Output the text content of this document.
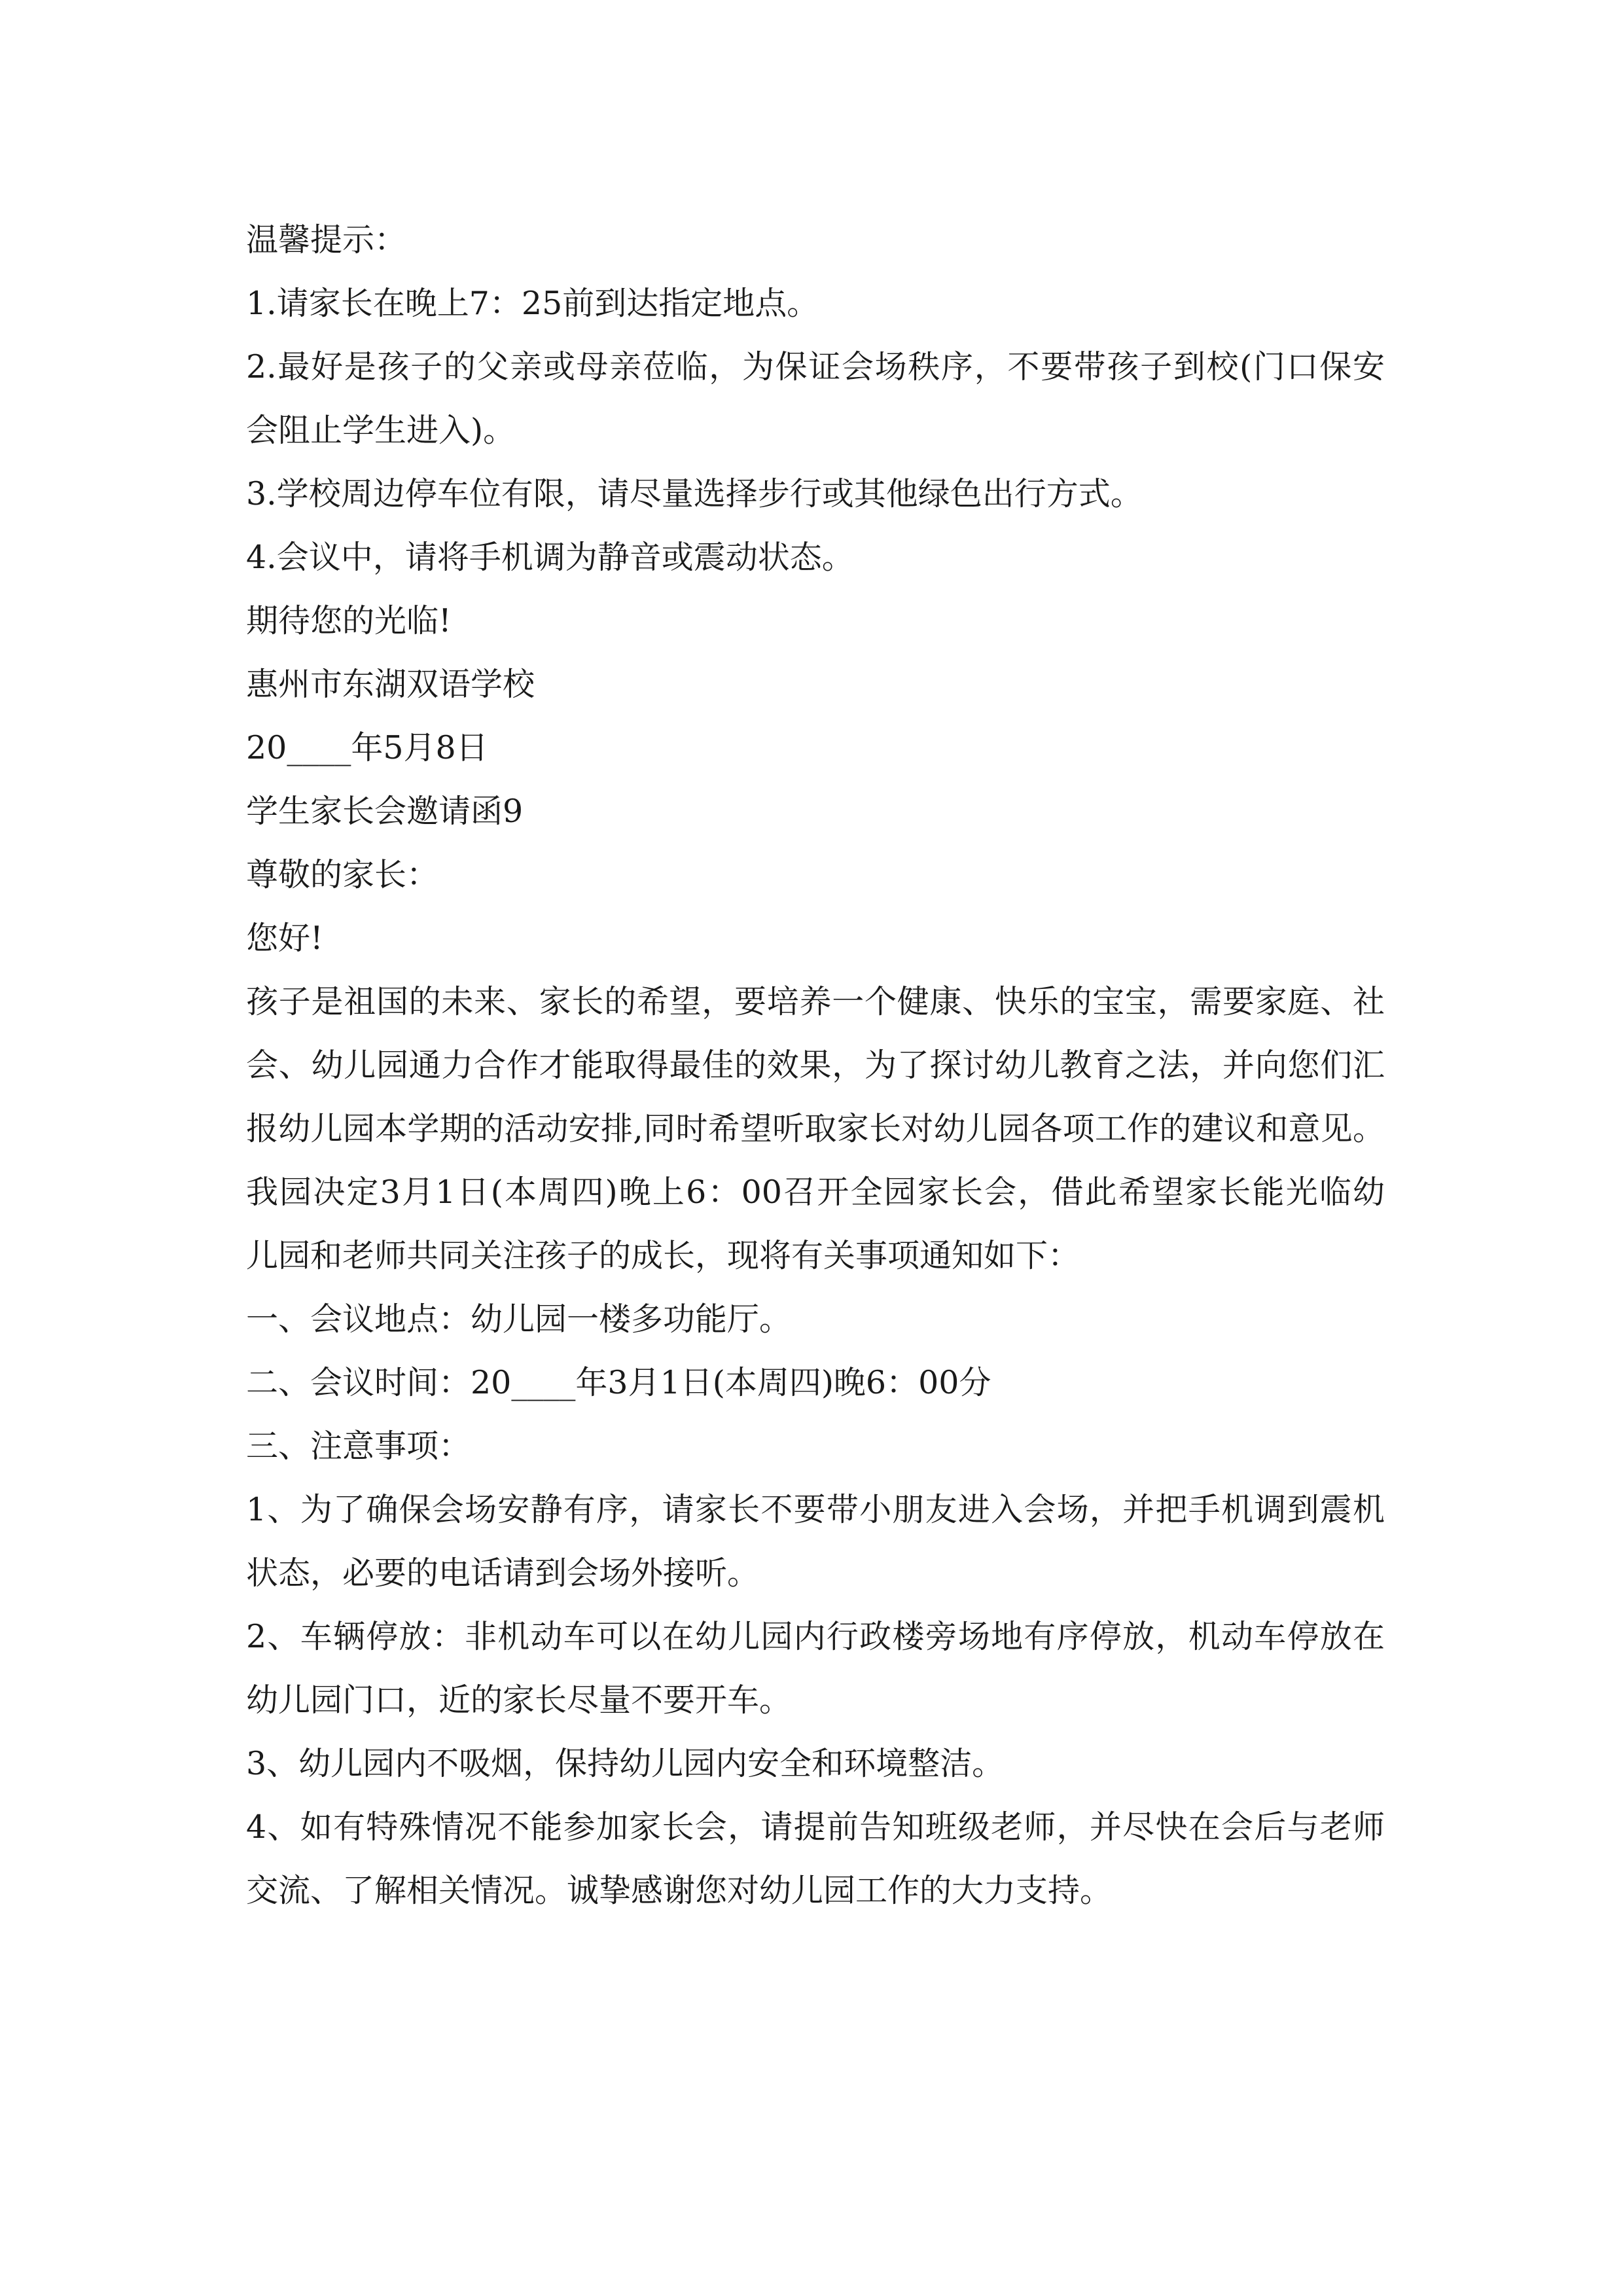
温馨提示：
1.请家长在晚上7：25前到达指定地点。
2.最好是孩子的父亲或母亲莅临，为保证会场秩序，不要带孩子到校(门口保安
会阻止学生进入)。
3.学校周边停车位有限，请尽量选择步行或其他绿色出行方式。
4.会议中，请将手机调为静音或震动状态。
期待您的光临!
惠州市东湖双语学校
20____年5月8日
学生家长会邀请函9
尊敬的家长：
您好!
孩子是祖国的未来、家长的希望，要培养一个健康、快乐的宝宝，需要家庭、社
会、幼儿园通力合作才能取得最佳的效果，为了探讨幼儿教育之法，并向您们汇
报幼儿园本学期的活动安排,同时希望听取家长对幼儿园各项工作的建议和意见。
我园决定3月1日(本周四)晚上6：00召开全园家长会，借此希望家长能光临幼
儿园和老师共同关注孩子的成长，现将有关事项通知如下：
一、会议地点：幼儿园一楼多功能厅。
二、会议时间：20____年3月1日(本周四)晚6：00分
三、注意事项：
1、为了确保会场安静有序，请家长不要带小朋友进入会场，并把手机调到震机
状态，必要的电话请到会场外接听。
2、车辆停放：非机动车可以在幼儿园内行政楼旁场地有序停放，机动车停放在
幼儿园门口，近的家长尽量不要开车。
3、幼儿园内不吸烟，保持幼儿园内安全和环境整洁。
4、如有特殊情况不能参加家长会，请提前告知班级老师，并尽快在会后与老师
交流、了解相关情况。诚挚感谢您对幼儿园工作的大力支持。
